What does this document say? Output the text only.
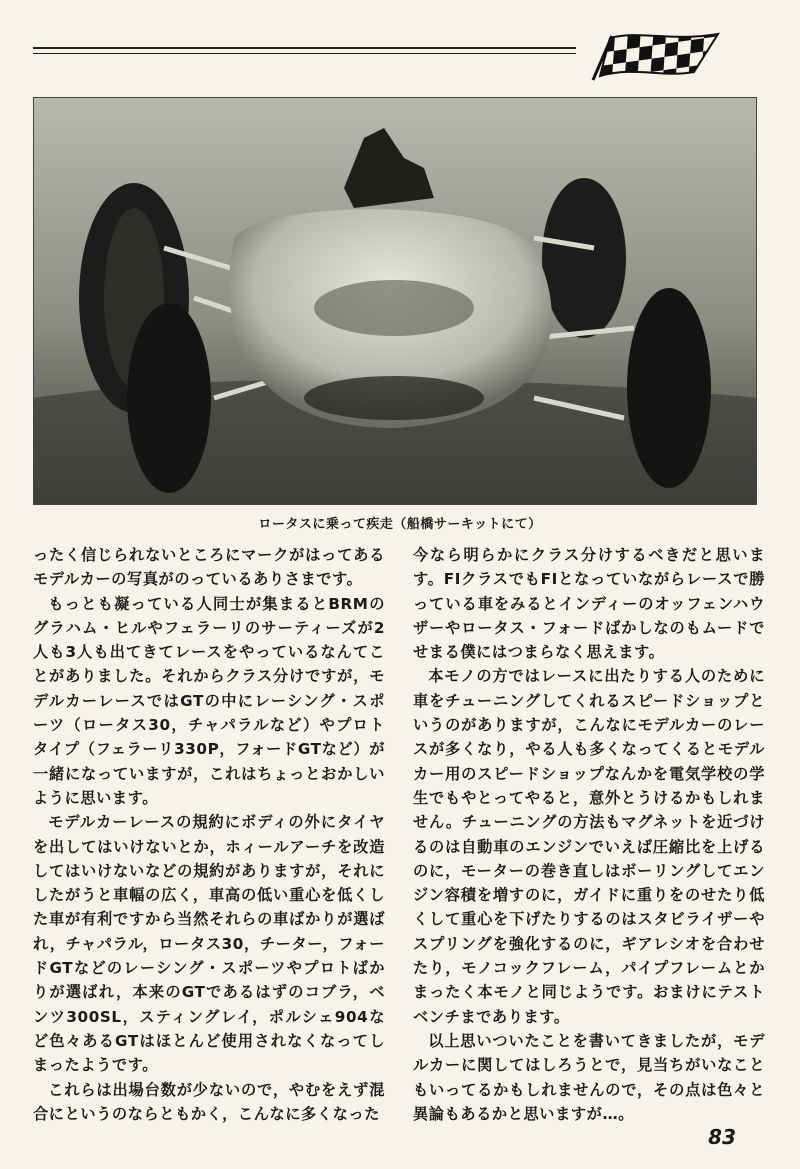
ロータスに乗って疾走（船橋サーキットにて）

ったく信じられないところにマークがはってあるモデルカーの写真がのっているありさまです。

もっとも凝っている人同士が集まるとBRMのグラハム・ヒルやフェラーリのサーティーズが2人も3人も出てきてレースをやっているなんてことがありました。それからクラス分けですが，モデルカーレースではGTの中にレーシング・スポーツ（ロータス30，チャパラルなど）やプロトタイプ（フェラーリ330P，フォードGTなど）が一緒になっていますが，これはちょっとおかしいように思います。

モデルカーレースの規約にボディの外にタイヤを出してはいけないとか，ホィールアーチを改造してはいけないなどの規約がありますが，それにしたがうと車幅の広く，車高の低い重心を低くした車が有利ですから当然それらの車ばかりが選ばれ，チャパラル，ロータス30，チーター，フォードGTなどのレーシング・スポーツやプロトばかりが選ばれ，本来のGTであるはずのコブラ，ベンツ300SL，スティングレイ，ポルシェ904など色々あるGTはほとんど使用されなくなってしまったようです。

これらは出場台数が少ないので，やむをえず混合にというのならともかく，こんなに多くなった

今なら明らかにクラス分けするべきだと思います。FIクラスでもFIとなっていながらレースで勝っている車をみるとインディーのオッフェンハウザーやロータス・フォードばかしなのもムードでせまる僕にはつまらなく思えます。

本モノの方ではレースに出たりする人のために車をチューニングしてくれるスピードショップというのがありますが，こんなにモデルカーのレースが多くなり，やる人も多くなってくるとモデルカー用のスピードショップなんかを電気学校の学生でもやとってやると，意外とうけるかもしれません。チューニングの方法もマグネットを近づけるのは自動車のエンジンでいえば圧縮比を上げるのに，モーターの巻き直しはボーリングしてエンジン容積を増すのに，ガイドに重りをのせたり低くして重心を下げたりするのはスタビライザーやスプリングを強化するのに，ギアレシオを合わせたり，モノコックフレーム，パイプフレームとかまったく本モノと同じようです。おまけにテストベンチまであります。

以上思いついたことを書いてきましたが，モデルカーに関してはしろうとで，見当ちがいなこともいってるかもしれませんので，その点は色々と異論もあるかと思いますが…。

83
